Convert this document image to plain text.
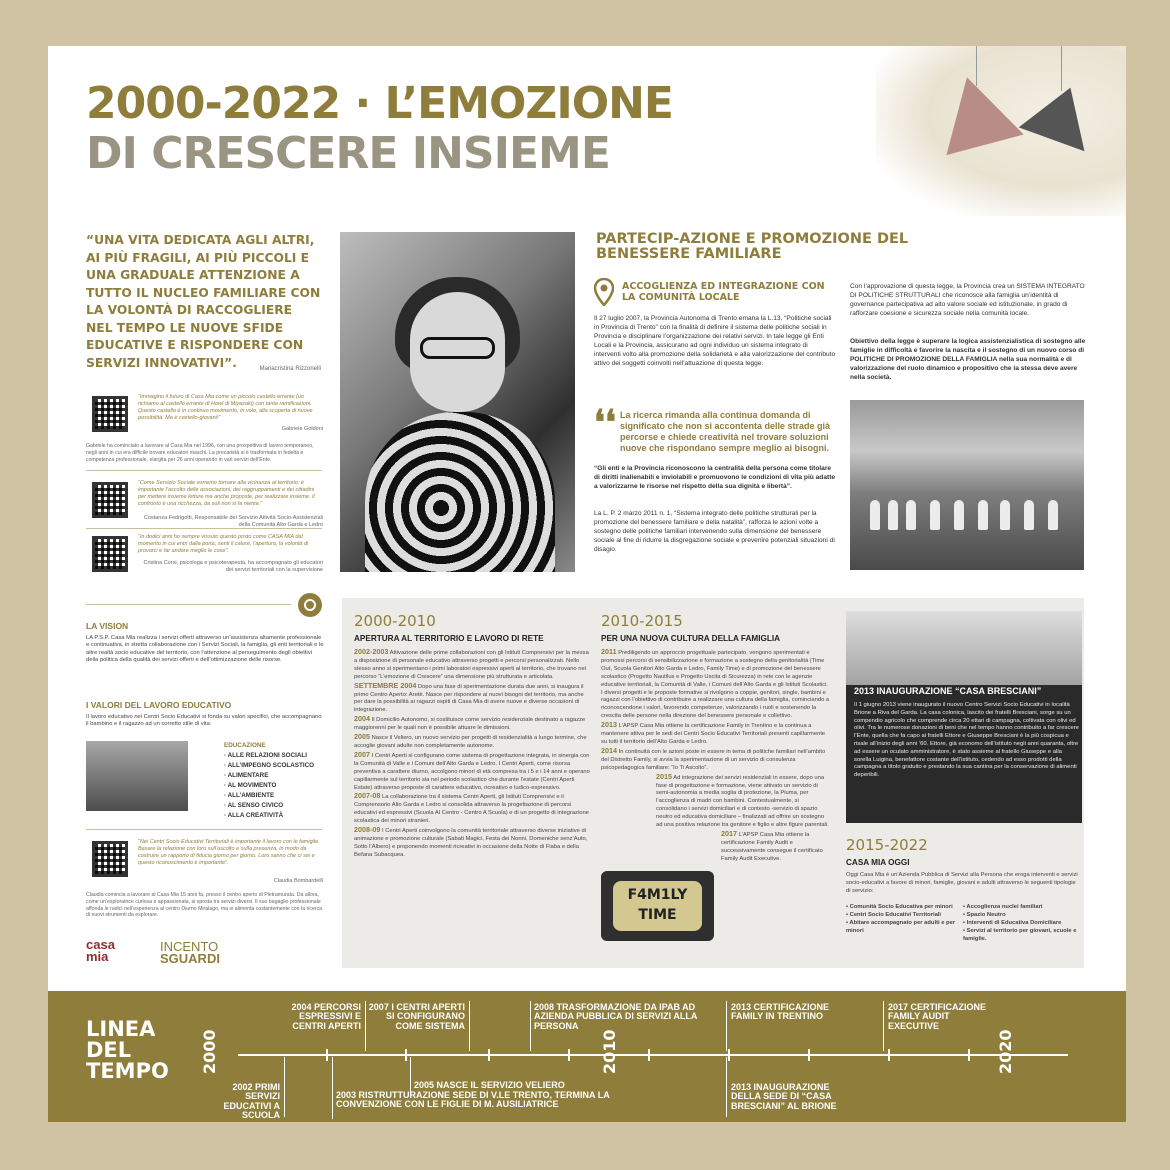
2000-2022 · L’EMOZIONE
DI CRESCERE INSIEME
“UNA VITA DEDICATA AGLI ALTRI, AI PIÙ FRAGILI, AI PIÙ PICCOLI E UNA GRADUALE ATTENZIONE A TUTTO IL NUCLEO FAMILIARE CON LA VOLONTÀ DI RACCOGLIERE NEL TEMPO LE NUOVE SFIDE EDUCATIVE E RISPONDERE CON SERVIZI INNOVATIVI”.	Mariacristina Rizzonelli
“Immagino il futuro di Casa Mia come un piccolo castello errante (un richiamo al castello errante di Howl di Miyazaki) con tante ramificazioni. Questo castello è in continuo movimento, in volo, alla scoperta di nuove possibilità. Ma è castello-giovani!”
Gabriele Goldoni
Gabriele ha cominciato a lavorare al Casa Mia nel 1996, con una prospettiva di lavoro temporaneo, negli anni in cui era difficile trovare educatori maschi. La precarietà si è trasformata in fedeltà e competenza professionale, elargita per 26 anni operando in vari servizi dell’Ente.
“Come Servizio Sociale vorremo tornare alla vicinanza al territorio: è importante l’ascolto delle associazioni, dei raggruppamenti e dei cittadini per mettere insieme letture ma anche proposte, per realizzare insieme. Il confronto è una ricchezza, da soli non si fa niente.”
Costanza Fedrigotti, Responsabile del Servizio Attività Socio-Assistenziali della Comunità Alto Garda e Ledro
“In dodici anni ho sempre vissuto questo posto come CASA MIA dal momento in cui entri dalla porta, senti il calore, l’apertura, la volontà di provarci e far andare meglio le cose”.
Cristina Corsi, psicologa e psicoterapeuta, ha accompagnato gli educatori dei servizi territoriali con la supervisione
PARTECIP-AZIONE E PROMOZIONE DEL BENESSERE FAMILIARE
ACCOGLIENZA ED INTEGRAZIONE CON LA COMUNITÀ LOCALE
Il 27 luglio 2007, la Provincia Autonoma di Trento emana la L.13, “Politiche sociali in Provincia di Trento” con la finalità di definire il sistema delle politiche sociali in Provincia e disciplinare l’organizzazione dei relativi servizi. In tale legge gli Enti Locali e la Provincia, assicurano ad ogni individuo un sistema integrato di interventi volto alla promozione della solidarietà e alla valorizzazione del contributo attivo dei soggetti coinvolti nell’attuazione di questa legge.
❛❛ La ricerca rimanda alla continua domanda di significato che non si accontenta delle strade già percorse e chiede creatività nel trovare soluzioni nuove che rispondano sempre meglio ai bisogni.
“Gli enti e la Provincia riconoscono la centralità della persona come titolare di diritti inalienabili e inviolabili e promuovono le condizioni di vita più adatte a valorizzarne le risorse nel rispetto della sua dignità e libertà”.
La L. P. 2 marzo 2011 n. 1, “Sistema integrato delle politiche strutturali per la promozione del benessere familiare e della natalità”, rafforza le azioni volte a sostegno delle politiche familiari intervenendo sulla dimensione del benessere sociale al fine di ridurre la disgregazione sociale e prevenire potenziali situazioni di disagio.
Con l’approvazione di questa legge, la Provincia crea un SISTEMA INTEGRATO DI POLITICHE STRUTTURALI che riconosce alla famiglia un’identità di governance partecipativa ad alto valore sociale ed istituzionale, in grado di rafforzare coesione e sicurezza sociale nella comunità locale.
Obiettivo della legge è superare la logica assistenzialistica di sostegno alle famiglie in difficoltà e favorire la nascita e il sostegno di un nuovo corso di POLITICHE DI PROMOZIONE DELLA FAMIGLIA nella sua normalità e di valorizzazione del ruolo dinamico e propositivo che la stessa deve avere nella società.
LA VISION
LA P.S.P. Casa Mia realizza i servizi offerti attraverso un’assistenza altamente professionale e continuativa, in stretta collaborazione con i Servizi Sociali, la famiglia, gli enti territoriali e le altre realtà socio educative del territorio, con l’attenzione al perseguimento degli obiettivi della politica della qualità dei servizi offerti e dell’ottimizzazione delle risorse.
I VALORI DEL LAVORO EDUCATIVO
Il lavoro educativo nei Centri Socio Educativi si fonda su valori specifici, che accompagnano il bambino e il ragazzo ad un corretto stile di vita:
EDUCAZIONE
· ALLE RELAZIONI SOCIALI
· ALL’IMPEGNO SCOLASTICO
· ALIMENTARE
· AL MOVIMENTO
· ALL’AMBIENTE
· AL SENSO CIVICO
· ALLA CREATIVITÀ
“Nei Centri Socio Educativi Territoriali è importante il lavoro con le famiglie. Basare la relazione con loro sull’ascolto e sulla presenza, in modo da costruire un rapporto di fiducia giorno per giorno. Loro sanno che ci sei e questo riconoscimento è importante”.
Claudia Bombardelli
Claudia comincia a lavorare al Casa Mia 15 anni fa, presso il centro aperto di Pietramurata. Da allora, come un’esploratrice curiosa e appassionata, si sposta tra servizi diversi. Il suo bagaglio professionale affonda le radici nell’esperienza al centro Diurno Miralago, ma si alimenta costantemente con la ricerca di nuovi strumenti da esplorare.
casa
mia
INCENTO
SGUARDI
2000-2010
APERTURA AL TERRITORIO E LAVORO DI RETE
2002-2003 Attivazione delle prime collaborazioni con gli Istituti Comprensivi per la messa a disposizione di personale educativo attraverso progetti e percorsi personalizzati. Nello stesso anno si sperimentano i primi laboratori espressivi aperti al territorio, che trovano nel percorso “L’emozione di Crescere” una dimensione più strutturata e articolata.
SETTEMBRE 2004 Dopo una fase di sperimentazione durata due anni, si inaugura il primo Centro Aperto: Aretè. Nasce per rispondere ai nuovi bisogni del territorio, ma anche per dare la possibilità ai ragazzi ospiti di Casa Mia di avere nuove e diverse occasioni di integrazione.
2004 Il Domicilio Autonomo, si costituisce come servizio residenziale destinato a ragazze maggiorenni per le quali non è possibile attuare le dimissioni.
2005 Nasce il Veliero, un nuovo servizio per progetti di residenzialità a lungo termine, che accoglie giovani adulte non completamente autonome.
2007 I Centri Aperti si configurano come sistema di progettazione integrata, in sinergia con la Comunità di Valle e i Comuni dell’Alto Garda e Ledro. I Centri Aperti, come risorsa preventiva a carattere diurno, accolgono minori di età compresa tra i 5 e i 14 anni e operano capillarmente sul territorio sia nel periodo scolastico che durante l’estate (Centri Aperti Estate) attraverso proposte di carattere educativo, ricreativo e ludico-espressivo.
2007-08 La collaborazione tra il sistema Centri Aperti, gli Istituti Comprensivi e il Comprensorio Alto Garda e Ledro si consolida attraverso la progettazione di percorsi educativi ed espressivi (Scuola Al Centro - Centro A Scuola) e di un progetto di integrazione scolastica dei minori stranieri.
2008-09 I Centri Aperti coinvolgono la comunità territoriale attraverso diverse iniziative di animazione e promozione culturale (Sabati Magici, Festa dei Nonni, Domeniche senz’Auto, Sotto l’Albero) e proponendo momenti ricreativi in occasione della Notte di Fiaba e della Befana Subacquea.
2010-2015
PER UNA NUOVA CULTURA DELLA FAMIGLIA
2011 Prediligendo un approccio progettuale partecipato, vengono sperimentati e promossi percorsi di sensibilizzazione e formazione a sostegno della genitorialità (Time Out, Scuola Genitori Alto Garda e Ledro, Family Time) e di promozione del benessere scolastico (Progetto Nautilus e Progetto Uscita di Sicurezza) in rete con le agenzie educative territoriali, la Comunità di Valle, i Comuni dell’Alto Garda e gli Istituti Scolastici. I diversi progetti e le proposte formative si rivolgono a coppie, genitori, single, bambini e ragazzi con l’obiettivo di contribuire a realizzare una cultura della famiglia, cominciando a riconoscendone i valori, favorendo competenze, valorizzando i ruoli e sostenendo la crescita delle persone nella direzione del benessere personale e collettivo.
2013 L’APSP Casa Mia ottiene la certificazione Family in Trentino e la continua a mantenere attiva per le sedi dei Centri Socio Educativi Territoriali presenti capillarmente su tutti il territorio dell’Alto Garda e Ledro.
2014 In continuità con le azioni poste in essere in tema di politiche familiari nell’ambito del Distretto Family, si avvia la sperimentazione di un servizio di consulenza psicopedagogica familiare: “Io Ti Ascolto”.
2015 Ad integrazione dei servizi residenziali in essere, dopo una fase di progettazione e formazione, viene attivato un servizio di semi-autonomia a media soglia di protezione, la Piuma, per l’accoglienza di madri con bambini. Contestualmente, si consolidano i servizi domiciliari e di contesto -servizio di spazio neutro ed educativa domiciliare – finalizzati ad offrire un sostegno ad una positiva relazione tra genitore e figlio e altre figure parentali.
2017 L’APSP Casa Mia ottiene la certificazione Family Audit e successivamente consegue il certificato Family Audit Executive.
F4M1LY
TIME
2013 INAUGURAZIONE “CASA BRESCIANI”
Il 1 giugno 2013 viene inaugurato il nuovo Centro Servizi Socio Educativi in località Brione a Riva del Garda. La casa colonica, lascito dei fratelli Bresciani, sorge su un compendio agricolo che comprende circa 20 ettari di campagna, coltivata con olivi ed olivi. Tra le numerose donazioni di beni che nel tempo hanno contribuito a far crescere l’Ente, quella che fa capo ai fratelli Ettore e Giuseppe Bresciani è la più cospicua e risale all’inizio degli anni ’60. Ettore, già economo dell’istituto negli anni quaranta, oltre ad essere un oculato amministratore, è stato assieme al fratello Giuseppe e alla sorella Luigina, benefattore costante dell’istituto, cedendo ad esso prodotti della campagna a titolo gratuito e prestando la sua cantina per la conservazione di alimenti deperibili.
2015-2022
CASA MIA OGGI
Oggi Casa Mia è un’Azienda Pubblica di Servizi alla Persona che eroga interventi e servizi socio-educativi a favore di minori, famiglie, giovani e adulti attraverso le seguenti tipologie di servizio:
• Comunità Socio Educativa per minori
• Centri Socio Educativi Territoriali
• Abitare accompagnato per adulti e per minori
• Accoglienza nuclei familiari
• Spazio Neutro
• Interventi di Educativa Domiciliare
• Servizi al territorio per giovani, scuole e famiglie.
LINEA
DEL
TEMPO 2000	2010	2020
2004 PERCORSI ESPRESSIVI E CENTRI APERTI
2007 I CENTRI APERTI SI CONFIGURANO COME SISTEMA
2008 TRASFORMAZIONE DA IPAB AD AZIENDA PUBBLICA DI SERVIZI ALLA PERSONA
2013 CERTIFICAZIONE FAMILY IN TRENTINO
2017 CERTIFICAZIONE FAMILY AUDIT EXECUTIVE
2002 PRIMI SERVIZI EDUCATIVI A SCUOLA
2005 NASCE IL SERVIZIO VELIERO
2003 RISTRUTTURAZIONE SEDE DI V.LE TRENTO, TERMINA LA CONVENZIONE CON LE FIGLIE DI M. AUSILIATRICE
2013 INAUGURAZIONE DELLA SEDE DI “CASA BRESCIANI” AL BRIONE
